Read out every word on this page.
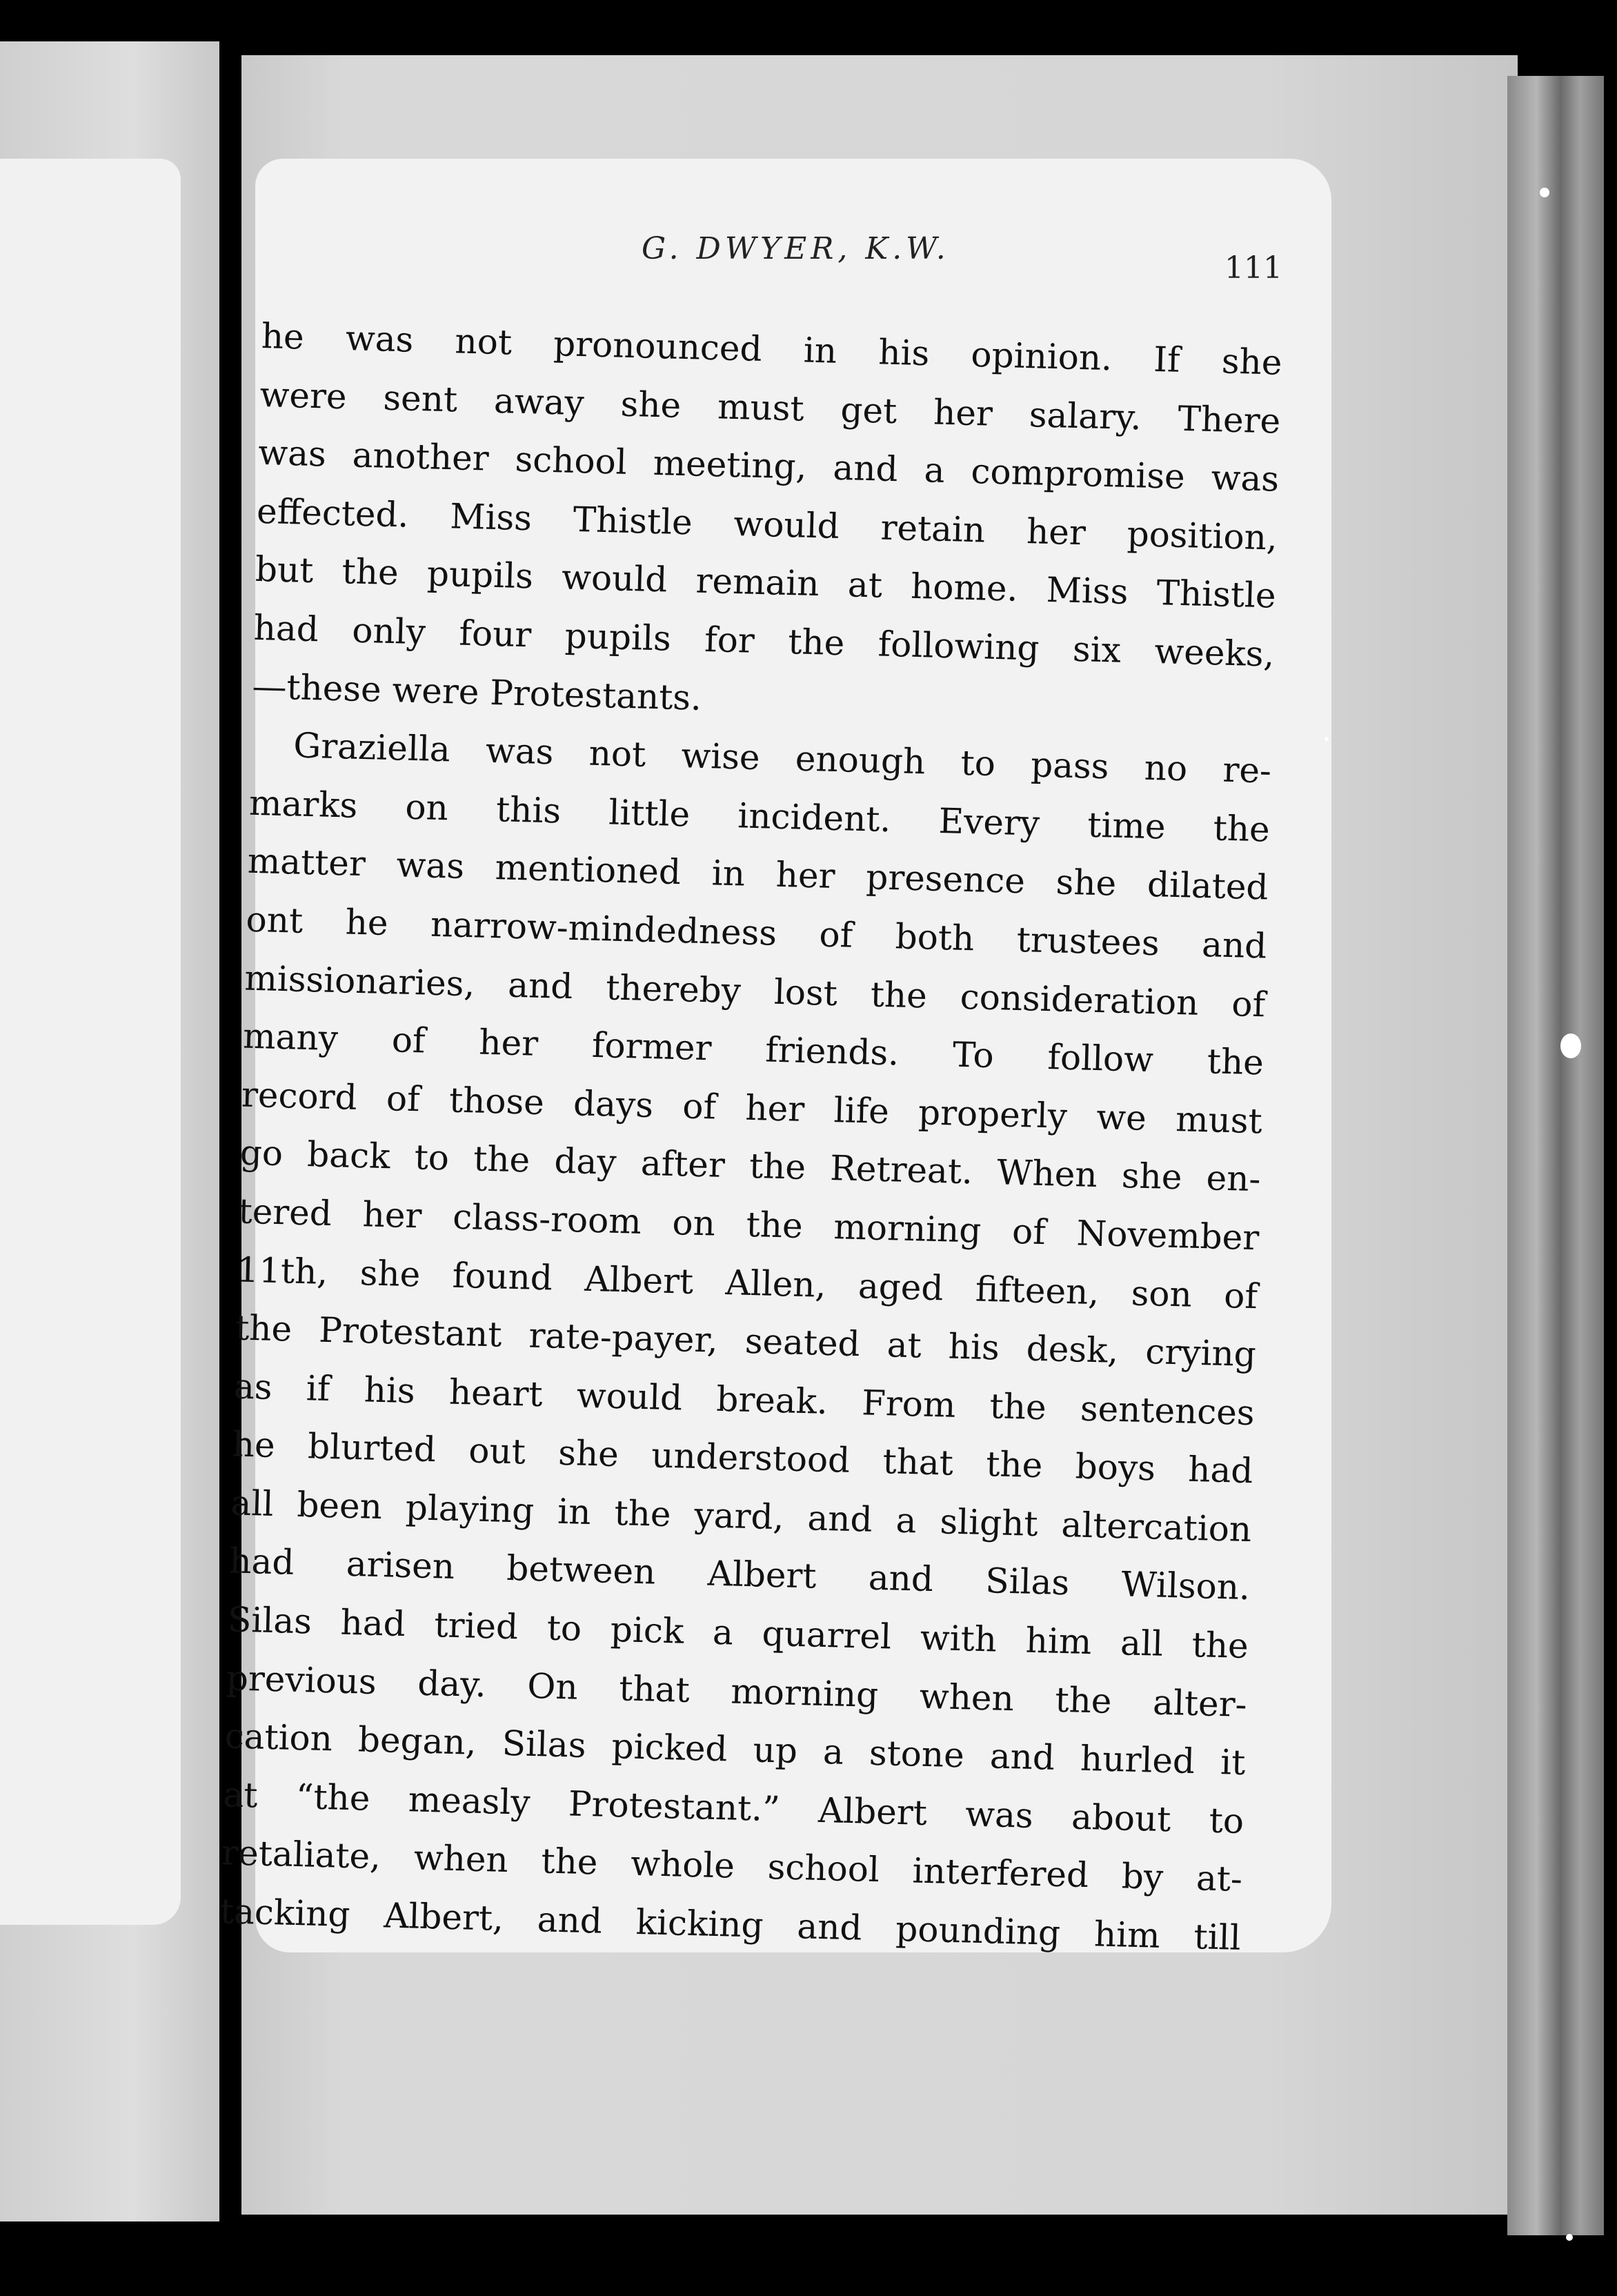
G. DWYER, K.W.
111
he was not pronounced in his opinion. If she
were sent away she must get her salary. There
was another school meeting, and a compromise was
effected. Miss Thistle would retain her position,
but the pupils would remain at home. Miss Thistle
had only four pupils for the following six weeks,
—these were Protestants.
Graziella was not wise enough to pass no re-
marks on this little incident. Every time the
matter was mentioned in her presence she dilated
ont he narrow-mindedness of both trustees and
missionaries, and thereby lost the consideration of
many of her former friends. To follow the
record of those days of her life properly we must
go back to the day after the Retreat. When she en-
tered her class-room on the morning of November
11th, she found Albert Allen, aged fifteen, son of
the Protestant rate-payer, seated at his desk, crying
as if his heart would break. From the sentences
he blurted out she understood that the boys had
all been playing in the yard, and a slight altercation
had arisen between Albert and Silas Wilson.
Silas had tried to pick a quarrel with him all the
previous day. On that morning when the alter-
cation began, Silas picked up a stone and hurled it
at “the measly Protestant.” Albert was about to
retaliate, when the whole school interfered by at-
tacking Albert, and kicking and pounding him till
